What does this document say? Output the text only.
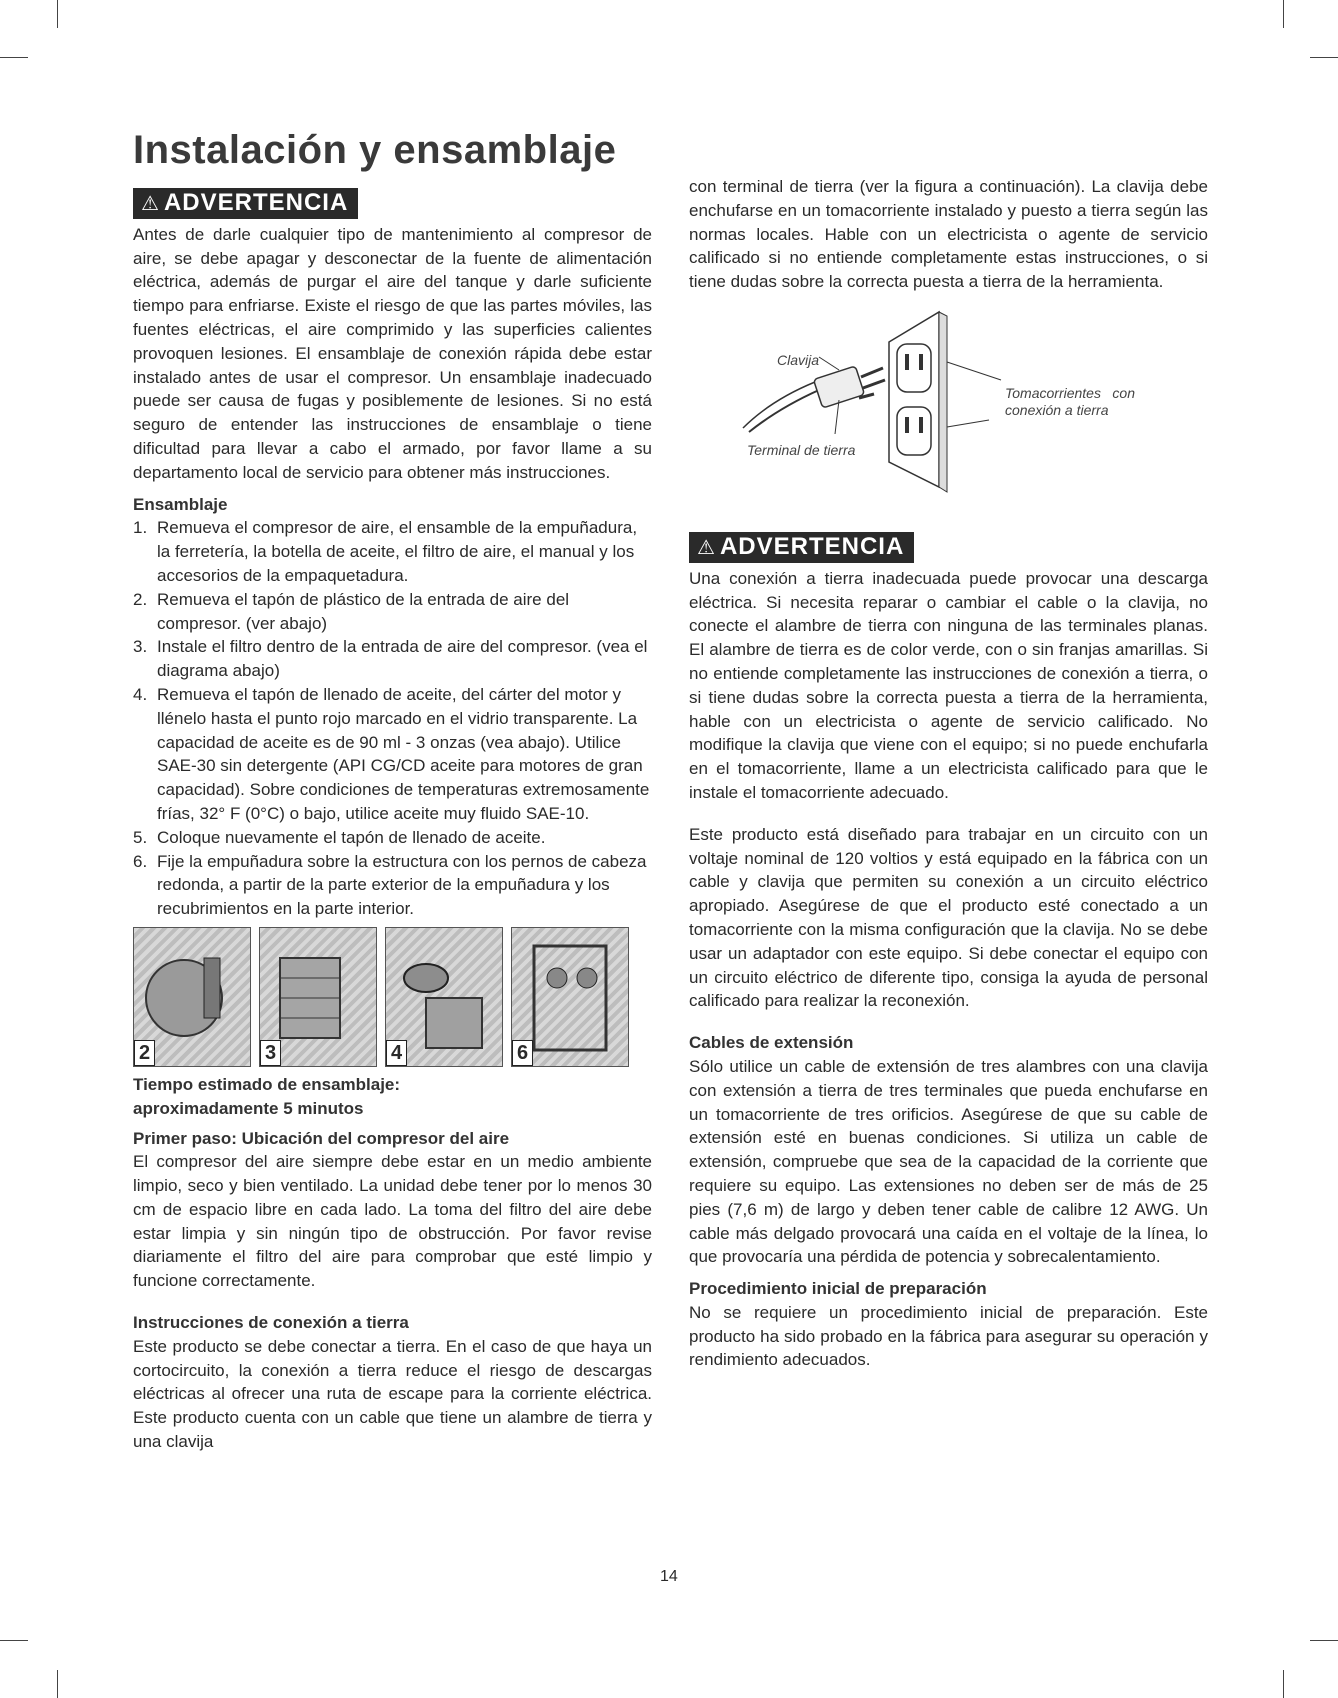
Instalación y ensamblaje
⚠ ADVERTENCIA

Antes de darle cualquier tipo de mantenimiento al compresor de aire, se debe apagar y desconectar de la fuente de alimentación eléctrica, además de purgar el aire del tanque y darle suficiente tiempo para enfriarse. Existe el riesgo de que las partes móviles, las fuentes eléctricas, el aire comprimido y las superficies calientes provoquen lesiones. El ensamblaje de conexión rápida debe estar instalado antes de usar el compresor. Un ensamblaje inadecuado puede ser causa de fugas y posiblemente de lesiones. Si no está seguro de entender las instrucciones de ensamblaje o tiene dificultad para llevar a cabo el armado, por favor llame a su departamento local de servicio para obtener más instrucciones.

Ensamblaje

1. Remueva el compresor de aire, el ensamble de la empuñadura, la ferretería, la botella de aceite, el filtro de aire, el manual y los accesorios de la empaquetadura.
2. Remueva el tapón de plástico de la entrada de aire del compresor. (ver abajo)
3. Instale el filtro dentro de la entrada de aire del compresor. (vea el diagrama abajo)
4. Remueva el tapón de llenado de aceite, del cárter del motor y llénelo hasta el punto rojo marcado en el vidrio transparente. La capacidad de aceite es de 90 ml - 3 onzas (vea abajo). Utilice SAE-30 sin detergente (API CG/CD aceite para motores de gran capacidad). Sobre condiciones de temperaturas extremosamente frías, 32° F (0°C) o bajo, utilice aceite muy fluido SAE-10.
5. Coloque nuevamente el tapón de llenado de aceite.
6. Fije la empuñadura sobre la estructura con los pernos de cabeza redonda, a partir de la parte exterior de la empuñadura y los recubrimientos en la parte interior.
2	3	4	6

Tiempo estimado de ensamblaje:

aproximadamente 5 minutos

Primer paso: Ubicación del compresor del aire

El compresor del aire siempre debe estar en un medio ambiente limpio, seco y bien ventilado. La unidad debe tener por lo menos 30 cm de espacio libre en cada lado. La toma del filtro del aire debe estar limpia y sin ningún tipo de obstrucción. Por favor revise diariamente el filtro del aire para comprobar que esté limpio y funcione correctamente.

Instrucciones de conexión a tierra

Este producto se debe conectar a tierra. En el caso de que haya un cortocircuito, la conexión a tierra reduce el riesgo de descargas eléctricas al ofrecer una ruta de escape para la corriente eléctrica. Este producto cuenta con un cable que tiene un alambre de tierra y una clavija

con terminal de tierra (ver la figura a continuación). La clavija debe enchufarse en un tomacorriente instalado y puesto a tierra según las normas locales. Hable con un electricista o agente de servicio calificado si no entiende completamente estas instrucciones, o si tiene dudas sobre la correcta puesta a tierra de la herramienta.

Clavija
Terminal de tierra
Tomacorrientes con conexión a tierra
⚠ ADVERTENCIA

Una conexión a tierra inadecuada puede provocar una descarga eléctrica. Si necesita reparar o cambiar el cable o la clavija, no conecte el alambre de tierra con ninguna de las terminales planas. El alambre de tierra es de color verde, con o sin franjas amarillas. Si no entiende completamente las instrucciones de conexión a tierra, o si tiene dudas sobre la correcta puesta a tierra de la herramienta, hable con un electricista o agente de servicio calificado. No modifique la clavija que viene con el equipo; si no puede enchufarla en el tomacorriente, llame a un electricista calificado para que le instale el tomacorriente adecuado.

Este producto está diseñado para trabajar en un circuito con un voltaje nominal de 120 voltios y está equipado en la fábrica con un cable y clavija que permiten su conexión a un circuito eléctrico apropiado. Asegúrese de que el producto esté conectado a un tomacorriente con la misma configuración que la clavija. No se debe usar un adaptador con este equipo. Si debe conectar el equipo con un circuito eléctrico de diferente tipo, consiga la ayuda de personal calificado para realizar la reconexión.

Cables de extensión

Sólo utilice un cable de extensión de tres alambres con una clavija con extensión a tierra de tres terminales que pueda enchufarse en un tomacorriente de tres orificios. Asegúrese de que su cable de extensión esté en buenas condiciones. Si utiliza un cable de extensión, compruebe que sea de la capacidad de la corriente que requiere su equipo. Las extensiones no deben ser de más de 25 pies (7,6 m) de largo y deben tener cable de calibre 12 AWG. Un cable más delgado provocará una caída en el voltaje de la línea, lo que provocaría una pérdida de potencia y sobrecalentamiento.

Procedimiento inicial de preparación

No se requiere un procedimiento inicial de preparación. Este producto ha sido probado en la fábrica para asegurar su operación y rendimiento adecuados.

14
